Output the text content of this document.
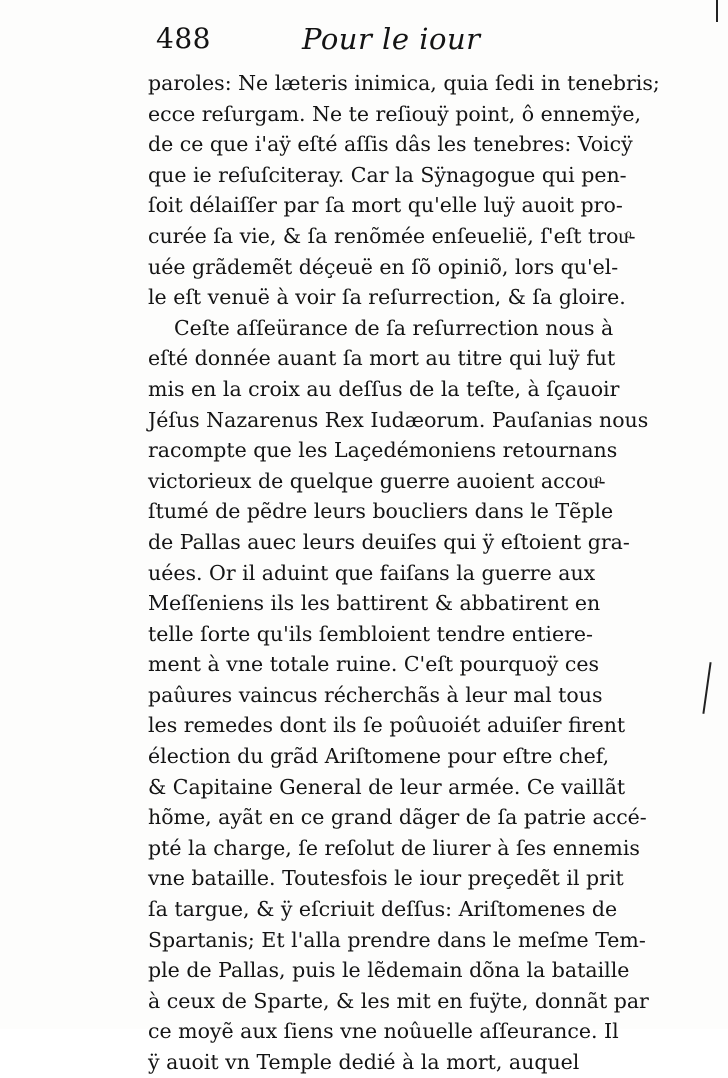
488	Pour le iour
paroles: Ne læteris inimica, quia ſedi in tenebris;
ecce reſurgam. Ne te reſiouÿ point, ô ennemÿe,
de ce que i'aÿ eſté aſſis dâs les tenebres: Voicÿ
que ie reſuſciteray. Car la Sÿnagogue qui pen-
ſoit délaiſſer par ſa mort qu'elle luÿ auoit pro-
curée ſa vie, & ſa renõmée enſeuelië, ſ'eſt trouͦ-
uée grãdemẽt déçeuë en ſõ opiniõ, lors qu'el-
le eſt venuë à voir ſa reſurrection, & ſa gloire.
Ceſte aſſeürance de ſa reſurrection nous à
eſté donnée auant ſa mort au titre qui luÿ fut
mis en la croix au deſſus de la teſte, à ſçauoir
Jéſus Nazarenus Rex Iudæorum. Pauſanias nous
racompte que les Laçedémoniens retournans
victorieux de quelque guerre auoient accouͦ-
ſtumé de pẽdre leurs boucliers dans le Tẽple
de Pallas auec leurs deuiſes qui ÿ eſtoient gra-
uées. Or il aduint que faiſans la guerre aux
Meſſeniens ils les battirent & abbatirent en
telle ſorte qu'ils ſembloient tendre entiere-
ment à vne totale ruine. C'eſt pourquoÿ ces
paûures vaincus récherchãs à leur mal tous
les remedes dont ils ſe poûuoiét aduiſer firent
élection du grãd Ariſtomene pour eſtre chef,
& Capitaine General de leur armée. Ce vaillãt
hõme, ayãt en ce grand dãger de ſa patrie accé-
pté la charge, ſe reſolut de liurer à ſes ennemis
vne bataille. Toutesfois le iour preçedẽt il prit
ſa targue, & ÿ eſcriuit deſſus: Ariſtomenes de
Spartanis; Et l'alla prendre dans le meſme Tem-
ple de Pallas, puis le lẽdemain dõna la bataille
à ceux de Sparte, & les mit en fuÿte, donnãt par
ce moyẽ aux ſiens vne noûuelle aſſeurance. Il
ÿ auoit vn Temple dedié à la mort, auquel
